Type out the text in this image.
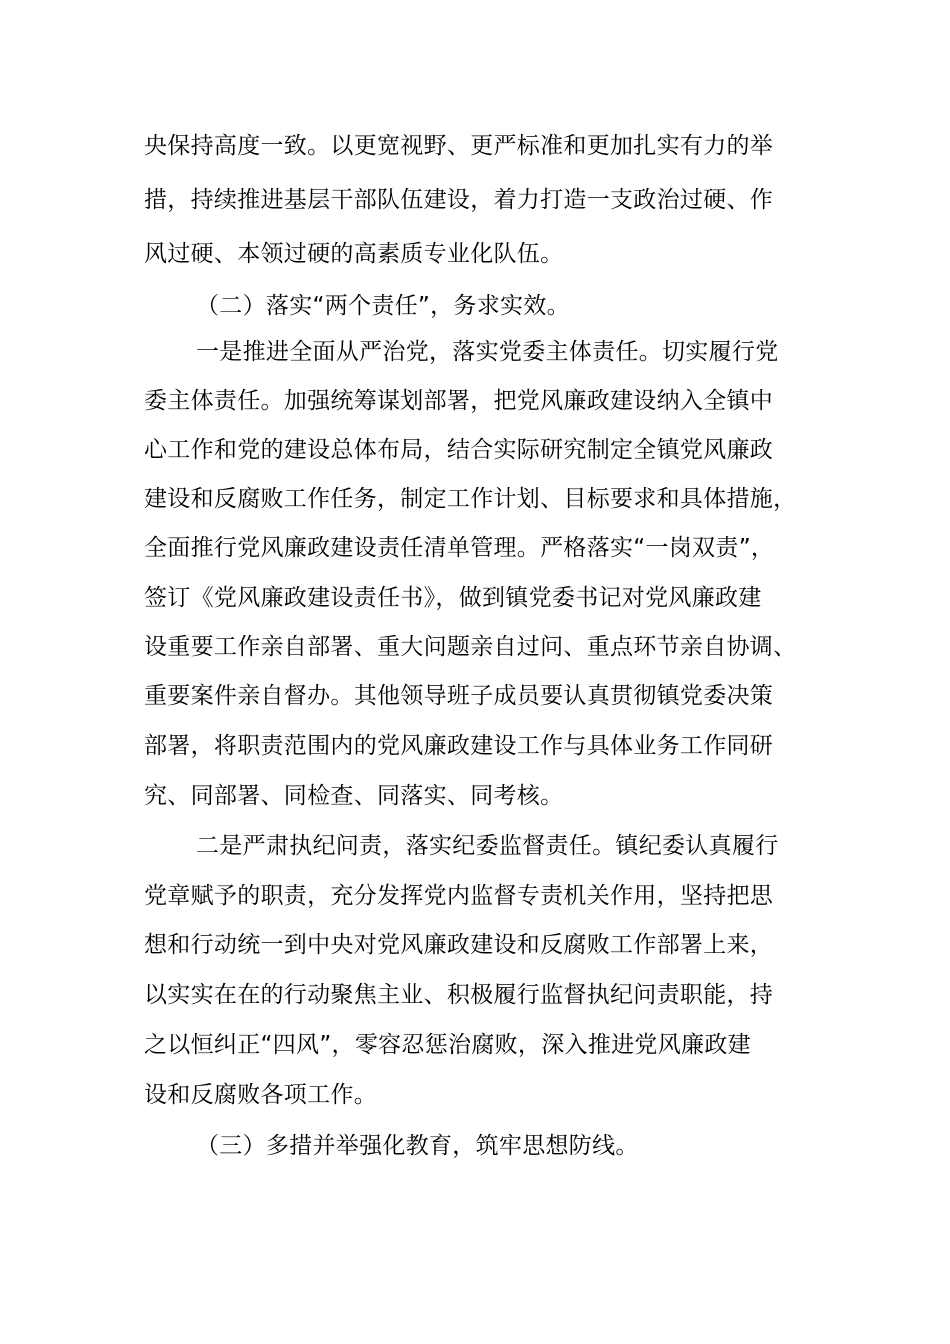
央保持高度一致。以更宽视野、更严标准和更加扎实有力的举
措，持续推进基层干部队伍建设，着力打造一支政治过硬、作
风过硬、本领过硬的高素质专业化队伍。
（二）落实“两个责任”，务求实效。
一是推进全面从严治党，落实党委主体责任。切实履行党
委主体责任。加强统筹谋划部署，把党风廉政建设纳入全镇中
心工作和党的建设总体布局，结合实际研究制定全镇党风廉政
建设和反腐败工作任务，制定工作计划、目标要求和具体措施，
全面推行党风廉政建设责任清单管理。严格落实“一岗双责”，
签订《党风廉政建设责任书》，做到镇党委书记对党风廉政建
设重要工作亲自部署、重大问题亲自过问、重点环节亲自协调、
重要案件亲自督办。其他领导班子成员要认真贯彻镇党委决策
部署，将职责范围内的党风廉政建设工作与具体业务工作同研
究、同部署、同检查、同落实、同考核。
二是严肃执纪问责，落实纪委监督责任。镇纪委认真履行
党章赋予的职责，充分发挥党内监督专责机关作用，坚持把思
想和行动统一到中央对党风廉政建设和反腐败工作部署上来，
以实实在在的行动聚焦主业、积极履行监督执纪问责职能，持
之以恒纠正“四风”，零容忍惩治腐败，深入推进党风廉政建
设和反腐败各项工作。
（三）多措并举强化教育，筑牢思想防线。
